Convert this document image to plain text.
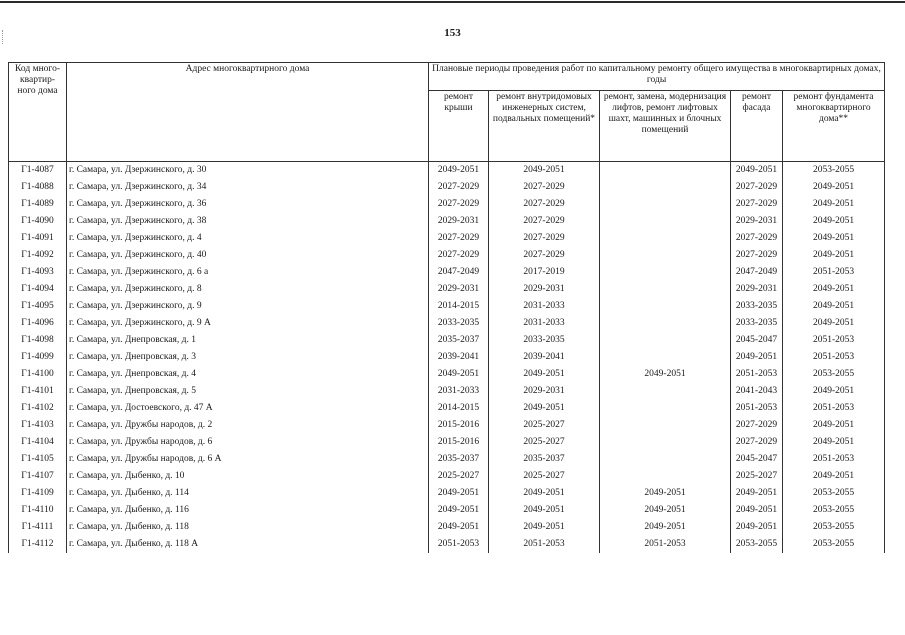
153
Код много-квартир-ного дома	Адрес многоквартирного дома	Плановые периоды проведения работ по капитальному ремонту общего имущества в многоквартирных домах, годы				
		ремонт крыши	ремонт внутридомовых инженерных систем, подвальных помещений*	ремонт, замена, модернизация лифтов, ремонт лифтовых шахт, машинных и блочных помещений	ремонт фасада	ремонт фундамента многоквартирного дома**
Г1-4087	г. Самара, ул. Дзержинского, д. 30	2049-2051	2049-2051		2049-2051	2053-2055
Г1-4088	г. Самара, ул. Дзержинского, д. 34	2027-2029	2027-2029		2027-2029	2049-2051
Г1-4089	г. Самара, ул. Дзержинского, д. 36	2027-2029	2027-2029		2027-2029	2049-2051
Г1-4090	г. Самара, ул. Дзержинского, д. 38	2029-2031	2027-2029		2029-2031	2049-2051
Г1-4091	г. Самара, ул. Дзержинского, д. 4	2027-2029	2027-2029		2027-2029	2049-2051
Г1-4092	г. Самара, ул. Дзержинского, д. 40	2027-2029	2027-2029		2027-2029	2049-2051
Г1-4093	г. Самара, ул. Дзержинского, д. 6 а	2047-2049	2017-2019		2047-2049	2051-2053
Г1-4094	г. Самара, ул. Дзержинского, д. 8	2029-2031	2029-2031		2029-2031	2049-2051
Г1-4095	г. Самара, ул. Дзержинского, д. 9	2014-2015	2031-2033		2033-2035	2049-2051
Г1-4096	г. Самара, ул. Дзержинского, д. 9 А	2033-2035	2031-2033		2033-2035	2049-2051
Г1-4098	г. Самара, ул. Днепровская, д. 1	2035-2037	2033-2035		2045-2047	2051-2053
Г1-4099	г. Самара, ул. Днепровская, д. 3	2039-2041	2039-2041		2049-2051	2051-2053
Г1-4100	г. Самара, ул. Днепровская, д. 4	2049-2051	2049-2051	2049-2051	2051-2053	2053-2055
Г1-4101	г. Самара, ул. Днепровская, д. 5	2031-2033	2029-2031		2041-2043	2049-2051
Г1-4102	г. Самара, ул. Достоевского, д. 47 А	2014-2015	2049-2051		2051-2053	2051-2053
Г1-4103	г. Самара, ул. Дружбы народов, д. 2	2015-2016	2025-2027		2027-2029	2049-2051
Г1-4104	г. Самара, ул. Дружбы народов, д. 6	2015-2016	2025-2027		2027-2029	2049-2051
Г1-4105	г. Самара, ул. Дружбы народов, д. 6 А	2035-2037	2035-2037		2045-2047	2051-2053
Г1-4107	г. Самара, ул. Дыбенко, д. 10	2025-2027	2025-2027		2025-2027	2049-2051
Г1-4109	г. Самара, ул. Дыбенко, д. 114	2049-2051	2049-2051	2049-2051	2049-2051	2053-2055
Г1-4110	г. Самара, ул. Дыбенко, д. 116	2049-2051	2049-2051	2049-2051	2049-2051	2053-2055
Г1-4111	г. Самара, ул. Дыбенко, д. 118	2049-2051	2049-2051	2049-2051	2049-2051	2053-2055
Г1-4112	г. Самара, ул. Дыбенко, д. 118 А	2051-2053	2051-2053	2051-2053	2053-2055	2053-2055
